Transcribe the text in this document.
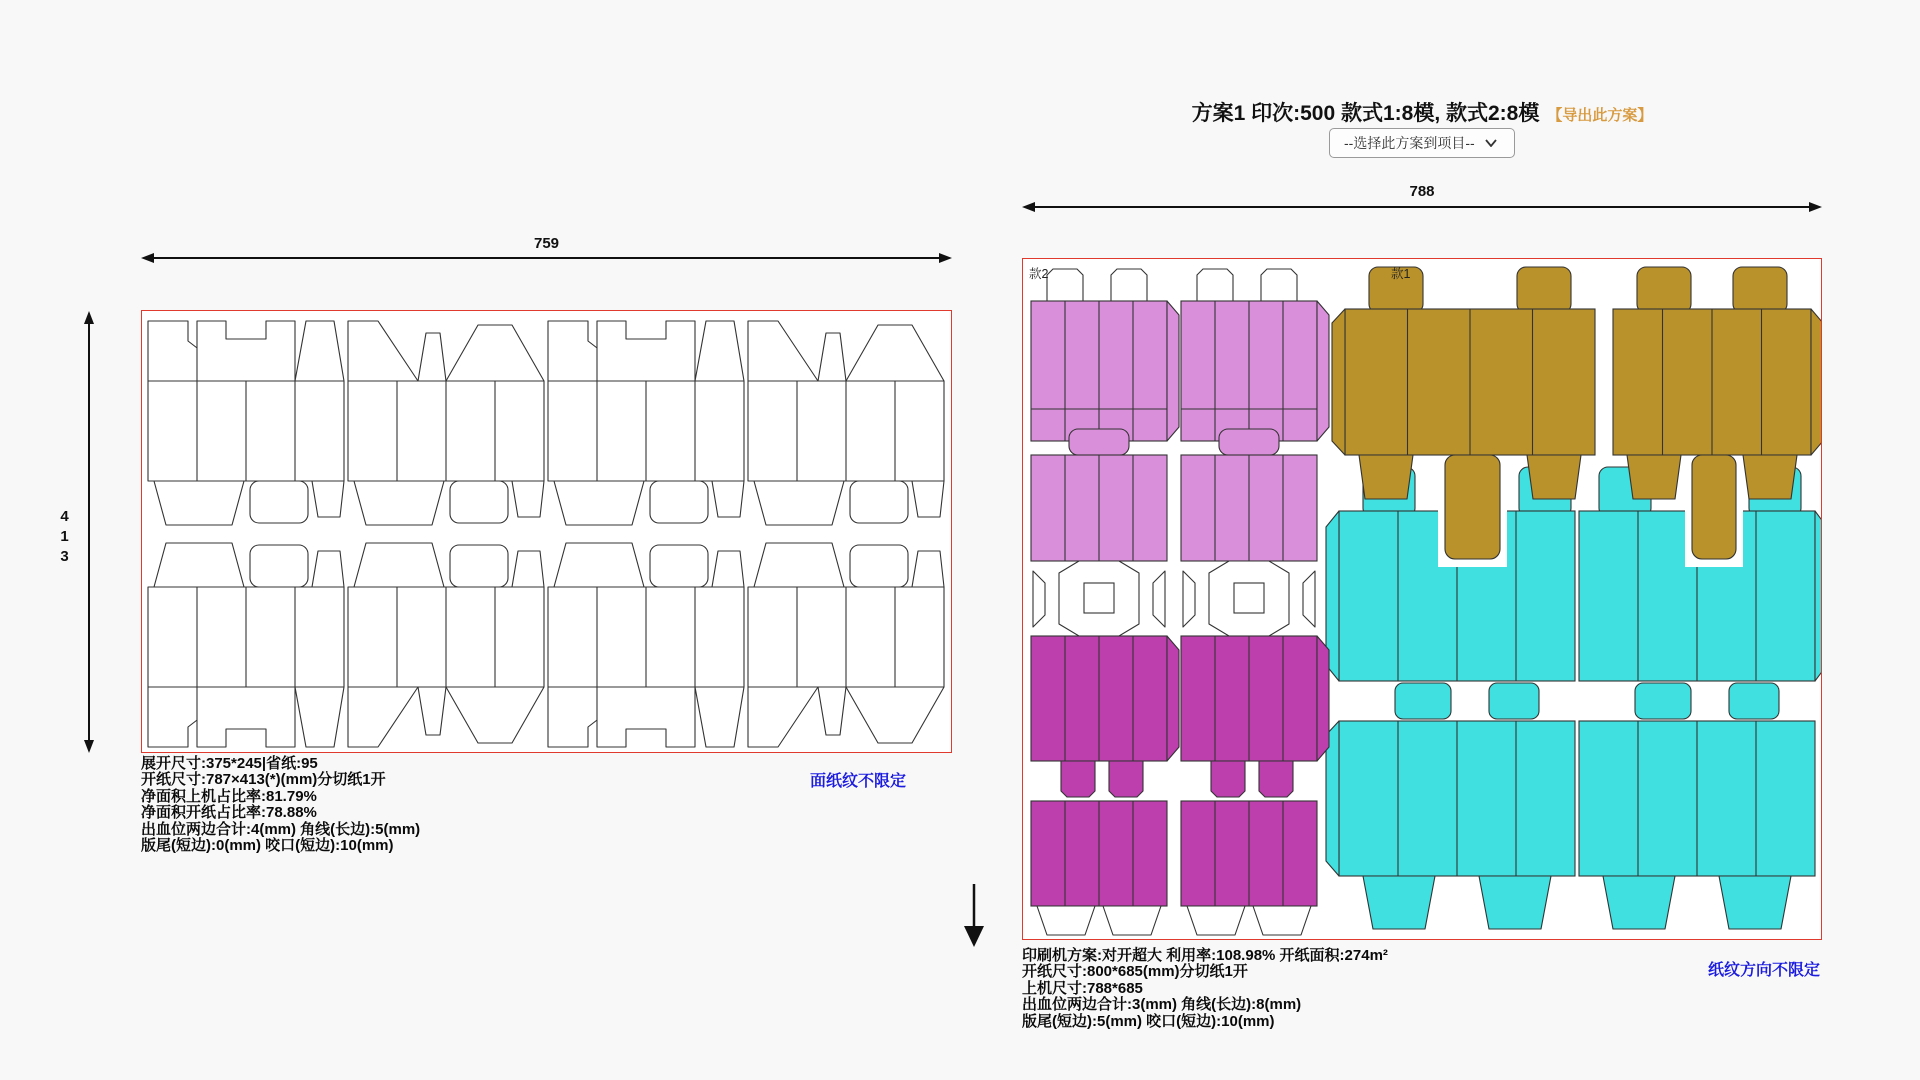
759
413
展开尺寸:375*245|省纸:95
开纸尺寸:787×413(*)(mm)分切纸1开
净面积上机占比率:81.79%
净面积开纸占比率:78.88%
出血位两边合计:4(mm) 角线(长边):5(mm)
版尾(短边):0(mm) 咬口(短边):10(mm)
面纸纹不限定
方案1 印次:500 款式1:8模, 款式2:8模 【导出此方案】
--选择此方案到项目--
788
款2	款1
印刷机方案:对开超大 利用率:108.98% 开纸面积:274m²
开纸尺寸:800*685(mm)分切纸1开
上机尺寸:788*685
出血位两边合计:3(mm) 角线(长边):8(mm)
版尾(短边):5(mm) 咬口(短边):10(mm)
纸纹方向不限定
